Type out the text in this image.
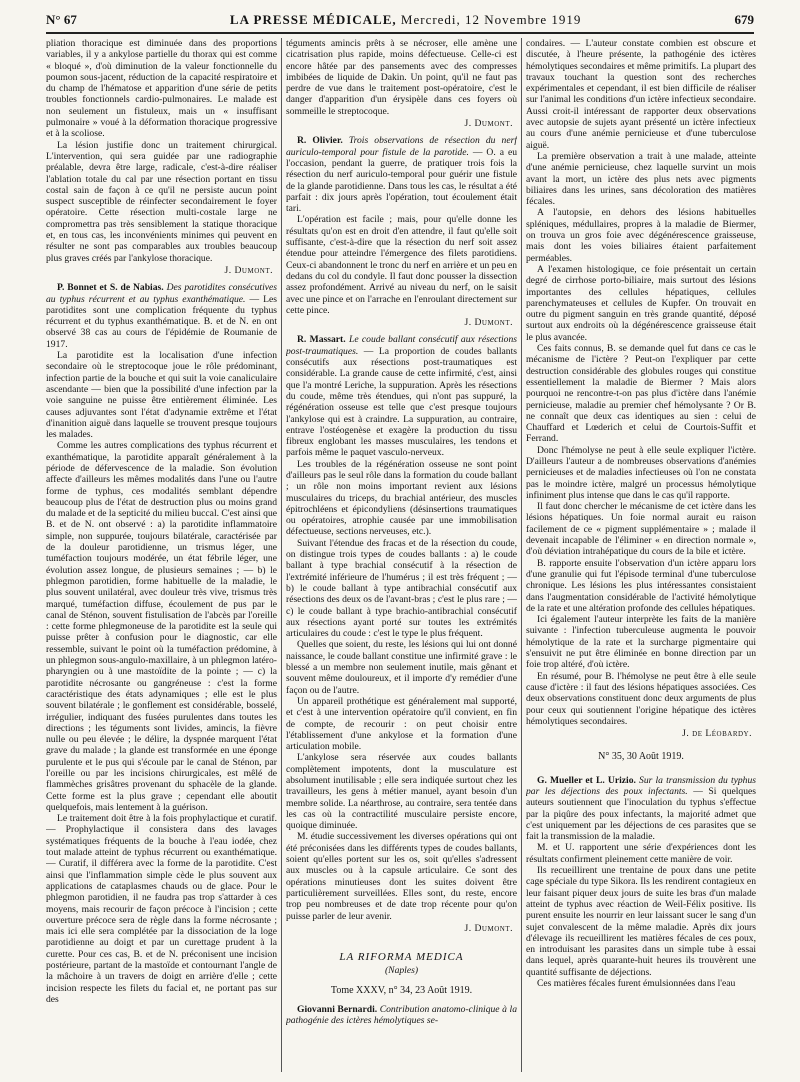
N° 67	LA PRESSE MÉDICALE, Mercredi, 12 Novembre 1919	679

pliation thoracique est diminuée dans des proportions variables, il y a ankylose partielle du thorax qui est comme « bloqué », d'où diminution de la valeur fonctionnelle du poumon sous-jacent, réduction de la capacité respiratoire et du champ de l'hématose et apparition d'une série de petits troubles fonctionnels cardio-pulmonaires. Le malade est non seulement un fistuleux, mais un « insuffisant pulmonaire » voué à la déformation thoracique progressive et à la scoliose.

La lésion justifie donc un traitement chirurgical. L'intervention, qui sera guidée par une radiographie préalable, devra être large, radicale, c'est-à-dire réaliser l'ablation totale du cal par une résection portant en tissu costal sain de façon à ce qu'il ne persiste aucun point suspect susceptible de réinfecter secondairement le foyer opératoire. Cette résection multi-costale large ne compromettra pas très sensiblement la statique thoracique et, en tous cas, les inconvénients minimes qui peuvent en résulter ne sont pas comparables aux troubles beaucoup plus graves créés par l'ankylose thoracique.

J. Dumont.

P. Bonnet et S. de Nabias. Des parotidites consécutives au typhus récurrent et au typhus exanthématique. — Les parotidites sont une complication fréquente du typhus récurrent et du typhus exanthématique. B. et de N. en ont observé 38 cas au cours de l'épidémie de Roumanie de 1917.

La parotidite est la localisation d'une infection secondaire où le streptocoque joue le rôle prédominant, infection partie de la bouche et qui suit la voie canaliculaire ascendante — bien que la possibilité d'une infection par la voie sanguine ne puisse être entièrement éliminée. Les causes adjuvantes sont l'état d'adynamie extrême et l'état d'inanition aiguë dans laquelle se trouvent presque toujours les malades.

Comme les autres complications des typhus récurrent et exanthématique, la parotidite apparaît généralement à la période de défervescence de la maladie. Son évolution affecte d'ailleurs les mêmes modalités dans l'une ou l'autre forme de typhus, ces modalités semblant dépendre beaucoup plus de l'état de destruction plus ou moins grand du malade et de la septicité du milieu buccal. C'est ainsi que B. et de N. ont observé : a) la parotidite inflammatoire simple, non suppurée, toujours bilatérale, caractérisée par de la douleur parotidienne, un trismus léger, une tuméfaction toujours modérée, un état fébrile léger, une évolution assez longue, de plusieurs semaines ; — b) le phlegmon parotidien, forme habituelle de la maladie, le plus souvent unilatéral, avec douleur très vive, trismus très marqué, tuméfaction diffuse, écoulement de pus par le canal de Sténon, souvent fistulisation de l'abcès par l'oreille : cette forme phlegmoneuse de la parotidite est la seule qui puisse prêter à confusion pour le diagnostic, car elle ressemble, suivant le point où la tuméfaction prédomine, à un phlegmon sous-angulo-maxillaire, à un phlegmon latéro-pharyngien ou à une mastoïdite de la pointe ; — c) la parotidite nécrosante ou gangréneuse : c'est la forme caractéristique des états adynamiques ; elle est le plus souvent bilatérale ; le gonflement est considérable, bosselé, irrégulier, indiquant des fusées purulentes dans toutes les directions ; les téguments sont livides, amincis, la fièvre nulle ou peu élevée ; le délire, la dyspnée marquent l'état grave du malade ; la glande est transformée en une éponge purulente et le pus qui s'écoule par le canal de Sténon, par l'oreille ou par les incisions chirurgicales, est mêlé de flammèches grisâtres provenant du sphacèle de la glande. Cette forme est la plus grave ; cependant elle aboutit quelquefois, mais lentement à la guérison.

Le traitement doit être à la fois prophylactique et curatif. — Prophylactique il consistera dans des lavages systématiques fréquents de la bouche à l'eau iodée, chez tout malade atteint de typhus récurrent ou exanthématique. — Curatif, il différera avec la forme de la parotidite. C'est ainsi que l'inflammation simple cède le plus souvent aux applications de cataplasmes chauds ou de glace. Pour le phlegmon parotidien, il ne faudra pas trop s'attarder à ces moyens, mais recourir de façon précoce à l'incision ; cette ouverture précoce sera de règle dans la forme nécrosante ; mais ici elle sera complétée par la dissociation de la loge parotidienne au doigt et par un curettage prudent à la curette. Pour ces cas, B. et de N. préconisent une incision postérieure, partant de la mastoïde et contournant l'angle de la mâchoire à un travers de doigt en arrière d'elle ; cette incision respecte les filets du facial et, ne portant pas sur des

téguments amincis prêts à se nécroser, elle amène une cicatrisation plus rapide, moins défectueuse. Celle-ci est encore hâtée par des pansements avec des compresses imbibées de liquide de Dakin. Un point, qu'il ne faut pas perdre de vue dans le traitement post-opératoire, c'est le danger d'apparition d'un érysipèle dans ces foyers où sommeille le streptocoque.

J. Dumont.

R. Olivier. Trois observations de résection du nerf auriculo-temporal pour fistule de la parotide. — O. a eu l'occasion, pendant la guerre, de pratiquer trois fois la résection du nerf auriculo-temporal pour guérir une fistule de la glande parotidienne. Dans tous les cas, le résultat a été parfait : dix jours après l'opération, tout écoulement était tari.

L'opération est facile ; mais, pour qu'elle donne les résultats qu'on est en droit d'en attendre, il faut qu'elle soit suffisante, c'est-à-dire que la résection du nerf soit assez étendue pour atteindre l'émergence des filets parotidiens. Ceux-ci abandonnent le tronc du nerf en arrière et un peu en dedans du col du condyle. Il faut donc pousser la dissection assez profondément. Arrivé au niveau du nerf, on le saisit avec une pince et on l'arrache en l'enroulant directement sur cette pince.

J. Dumont.

R. Massart. Le coude ballant consécutif aux résections post-traumatiques. — La proportion de coudes ballants consécutifs aux résections post-traumatiques est considérable. La grande cause de cette infirmité, c'est, ainsi que l'a montré Leriche, la suppuration. Après les résections du coude, même très étendues, qui n'ont pas suppuré, la régénération osseuse est telle que c'est presque toujours l'ankylose qui est à craindre. La suppuration, au contraire, entrave l'ostéogenèse et exagère la production du tissu fibreux englobant les masses musculaires, les tendons et parfois même le paquet vasculo-nerveux.

Les troubles de la régénération osseuse ne sont point d'ailleurs pas le seul rôle dans la formation du coude ballant ; un rôle non moins important revient aux lésions musculaires du triceps, du brachial antérieur, des muscles épitrochléens et épicondyliens (désinsertions traumatiques ou opératoires, atrophie causée par une immobilisation défectueuse, sections nerveuses, etc.).

Suivant l'étendue des fracas et de la résection du coude, on distingue trois types de coudes ballants : a) le coude ballant à type brachial consécutif à la résection de l'extrémité inférieure de l'humérus ; il est très fréquent ; — b) le coude ballant à type antibrachial consécutif aux résections des deux os de l'avant-bras ; c'est le plus rare ; — c) le coude ballant à type brachio-antibrachial consécutif aux résections ayant porté sur toutes les extrémités articulaires du coude : c'est le type le plus fréquent.

Quelles que soient, du reste, les lésions qui lui ont donné naissance, le coude ballant constitue une infirmité grave : le blessé a un membre non seulement inutile, mais gênant et souvent même douloureux, et il importe d'y remédier d'une façon ou de l'autre.

Un appareil prothétique est généralement mal supporté, et c'est à une intervention opératoire qu'il convient, en fin de compte, de recourir : on peut choisir entre l'établissement d'une ankylose et la formation d'une articulation mobile.

L'ankylose sera réservée aux coudes ballants complètement impotents, dont la musculature est absolument inutilisable ; elle sera indiquée surtout chez les travailleurs, les gens à métier manuel, ayant besoin d'un membre solide. La néarthrose, au contraire, sera tentée dans les cas où la contractilité musculaire persiste encore, quoique diminuée.

M. étudie successivement les diverses opérations qui ont été préconisées dans les différents types de coudes ballants, soient qu'elles portent sur les os, soit qu'elles s'adressent aux muscles ou à la capsule articulaire. Ce sont des opérations minutieuses dont les suites doivent être particulièrement surveillées. Elles sont, du reste, encore trop peu nombreuses et de date trop récente pour qu'on puisse parler de leur avenir.

J. Dumont.

LA RIFORMA MEDICA

(Naples)

Tome XXXV, n° 34, 23 Août 1919.

Giovanni Bernardi. Contribution anatomo-clinique à la pathogénie des ictères hémolytiques se-

condaires. — L'auteur constate combien est obscure et discutée, à l'heure présente, la pathogénie des ictères hémolytiques secondaires et même primitifs. La plupart des travaux touchant la question sont des recherches expérimentales et cependant, il est bien difficile de réaliser sur l'animal les conditions d'un ictère infectieux secondaire. Aussi croit-il intéressant de rapporter deux observations avec autopsie de sujets ayant présenté un ictère infectieux au cours d'une anémie pernicieuse et d'une tuberculose aiguë.

La première observation a trait à une malade, atteinte d'une anémie pernicieuse, chez laquelle survint un mois avant la mort, un ictère des plus nets avec pigments biliaires dans les urines, sans décoloration des matières fécales.

A l'autopsie, en dehors des lésions habituelles spléniques, médullaires, propres à la maladie de Biermer, on trouva un gros foie avec dégénérescence graisseuse, mais dont les voies biliaires étaient parfaitement perméables.

A l'examen histologique, ce foie présentait un certain degré de cirrhose porto-biliaire, mais surtout des lésions importantes des cellules hépatiques, cellules parenchymateuses et cellules de Kupfer. On trouvait en outre du pigment sanguin en très grande quantité, déposé surtout aux endroits où la dégénérescence graisseuse était le plus avancée.

Ces faits connus, B. se demande quel fut dans ce cas le mécanisme de l'ictère ? Peut-on l'expliquer par cette destruction considérable des globules rouges qui constitue essentiellement la maladie de Biermer ? Mais alors pourquoi ne rencontre-t-on pas plus d'ictère dans l'anémie pernicieuse, maladie au premier chef hémolysante ? Or B. ne connaît que deux cas identiques au sien : celui de Chauffard et Lœderich et celui de Courtois-Suffit et Ferrand.

Donc l'hémolyse ne peut à elle seule expliquer l'ictère. D'ailleurs l'auteur a de nombreuses observations d'anémies pernicieuses et de maladies infectieuses où l'on ne constata pas le moindre ictère, malgré un processus hémolytique infiniment plus intense que dans le cas qu'il rapporte.

Il faut donc chercher le mécanisme de cet ictère dans les lésions hépatiques. Un foie normal aurait eu raison facilement de ce « pigment supplémentaire » ; malade il devenait incapable de l'éliminer « en direction normale », d'où déviation intrahépatique du cours de la bile et ictère.

B. rapporte ensuite l'observation d'un ictère apparu lors d'une granulie qui fut l'épisode terminal d'une tuberculose chronique. Les lésions les plus intéressantes consistaient dans l'augmentation considérable de l'activité hémolytique de la rate et une altération profonde des cellules hépatiques.

Ici également l'auteur interprète les faits de la manière suivante : l'infection tuberculeuse augmenta le pouvoir hémolytique de la rate et la surcharge pigmentaire qui s'ensuivit ne put être éliminée en bonne direction par un foie trop altéré, d'où ictère.

En résumé, pour B. l'hémolyse ne peut être à elle seule cause d'ictère : il faut des lésions hépatiques associées. Ces deux observations constituent donc deux arguments de plus pour ceux qui soutiennent l'origine hépatique des ictères hémolytiques secondaires.

J. de Léobardy.

N° 35, 30 Août 1919.

G. Mueller et L. Urizio. Sur la transmission du typhus par les déjections des poux infectants. — Si quelques auteurs soutiennent que l'inoculation du typhus s'effectue par la piqûre des poux infectants, la majorité admet que c'est uniquement par les déjections de ces parasites que se fait la transmission de la maladie.

M. et U. rapportent une série d'expériences dont les résultats confirment pleinement cette manière de voir.

Ils recueillirent une trentaine de poux dans une petite cage spéciale du type Sikora. Ils les rendirent contagieux en leur faisant piquer deux jours de suite les bras d'un malade atteint de typhus avec réaction de Weil-Félix positive. Ils purent ensuite les nourrir en leur laissant sucer le sang d'un sujet convalescent de la même maladie. Après dix jours d'élevage ils recueillirent les matières fécales de ces poux, en introduisant les parasites dans un simple tube à essai dans lequel, après quarante-huit heures ils trouvèrent une quantité suffisante de déjections.

Ces matières fécales furent émulsionnées dans l'eau
